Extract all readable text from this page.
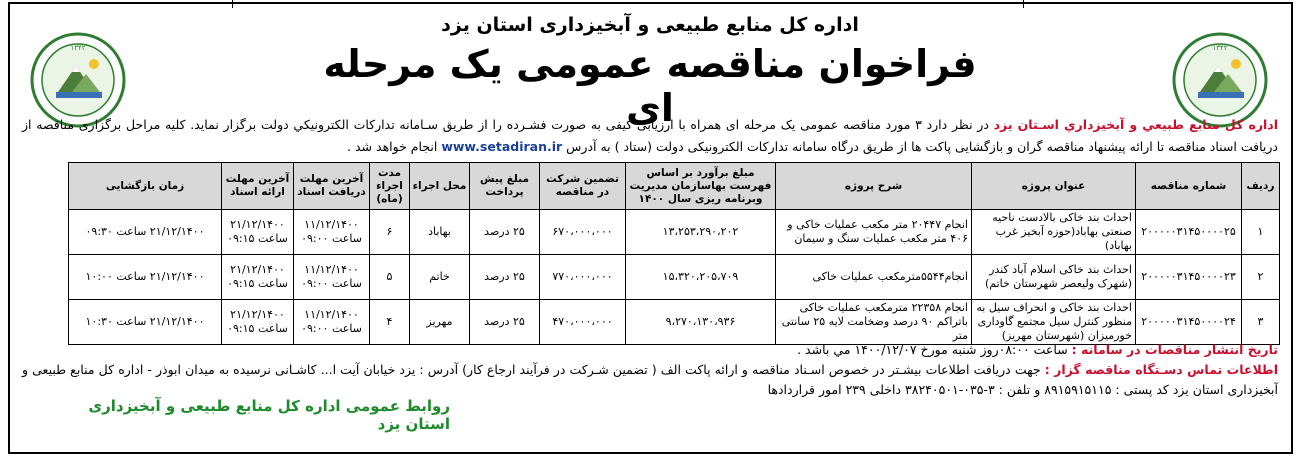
۱۳۴۲	۱۳۴۲
اداره کل منابع طبیعی و آبخیزداری استان یزد
فراخوان مناقصه عمومی یک مرحله ای	اداره کل منابع طبيعي و آبخيزداري اسـتان يزد در نظر دارد ۳ مورد مناقصه عمومی یک مرحله ای همراه با ارزیابی کیفی به صورت فشـرده را از طریق سـامانه تدارکات الکترونیکي دولت برگزار نماید. کلیه مراحل برگزاری مناقصه از دریافت اسناد مناقصه تا ارائه پیشنهاد مناقصه گران و بازگشایی پاکت ها از طریق درگاه سامانه تدارکات الکترونیکی دولت (ستاد ) به آدرس www.setadiran.ir انجام خواهد شد .
ردیف	شماره مناقصه	عنوان پروژه	شرح پروژه	مبلغ برآورد بر اساس فهرست بهاسازمان مدیریت وبرنامه ریزی سال ۱۴۰۰	تضمین شرکت در مناقصه	مبلغ پیش پرداخت	محل اجراء	مدت اجراء (ماه)	آخرین مهلت دریافت اسناد	آخرین مهلت ارائه اسناد	زمان بازگشایی
۱	۲۰۰۰۰۰۳۱۴۵۰۰۰۰۲۵	احداث بند خاکی بالادست ناحیه صنعتی بهاباد(حوزه آبخیز غرب بهاباد)	انجام ۲۰۴۴۷ متر مکعب عملیات خاکی و ۴۰۶ متر مکعب عملیات سنگ و سیمان	۱۳،۲۵۳،۲۹۰،۲۰۲	۶۷۰،۰۰۰،۰۰۰	۲۵ درصد	بهاباد	۶	۱۱/۱۲/۱۴۰۰ ساعت ۰۹:۰۰	۲۱/۱۲/۱۴۰۰ ساعت ۰۹:۱۵	۲۱/۱۲/۱۴۰۰ ساعت ۰۹:۳۰
۲	۲۰۰۰۰۰۳۱۴۵۰۰۰۰۲۳	احداث بند خاکی اسلام آباد کندر (شهرک ولیعصر شهرستان خاتم)	انجام۵۵۴۴مترمکعب عملیات خاکی	۱۵،۳۲۰،۲۰۵،۷۰۹	۷۷۰،۰۰۰،۰۰۰	۲۵ درصد	خاتم	۵	۱۱/۱۲/۱۴۰۰ ساعت ۰۹:۰۰	۲۱/۱۲/۱۴۰۰ ساعت ۰۹:۱۵	۲۱/۱۲/۱۴۰۰ ساعت ۱۰:۰۰
۳	۲۰۰۰۰۰۳۱۴۵۰۰۰۰۲۴	احداث بند خاکی و انحراف سیل به منظور کنترل سیل مجتمع گاوداری خورمیزان (شهرستان مهریز)	انجام ۲۲۳۵۸ مترمکعب عملیات خاکی باتراکم ۹۰ درصد وضخامت لایه ۲۵ سانتی متر	۹،۲۷۰،۱۳۰،۹۳۶	۴۷۰،۰۰۰،۰۰۰	۲۵ درصد	مهریز	۴	۱۱/۱۲/۱۴۰۰ ساعت ۰۹:۰۰	۲۱/۱۲/۱۴۰۰ ساعت ۰۹:۱۵	۲۱/۱۲/۱۴۰۰ ساعت ۱۰:۳۰
تاریخ انتشار مناقصات در سامانه : ساعت ۰۸:۰۰روز شنبه مورخ ۱۴۰۰/۱۲/۰۷ مي باشد .
اطلاعات تماس دسـتگاه مناقصه گزار : جهت دریافت اطلاعات بیشـتر در خصوص اسـناد مناقصه و ارائه پاکت الف ( تضمین شـرکت در فرآیند ارجاع کار) آدرس : یزد خیابان آیت ا... کاشـانی نرسیده به میدان ابوذر - اداره کل منابع طبیعی و آبخیزداری استان یزد کد پستی : ۸۹۱۵۹۱۵۱۱۵ و تلفن : ۳-۰۳۵-۳۸۲۴۰۵۰۱ داخلی ۲۳۹ امور قراردادها
روابط عمومی اداره کل منابع طبیعی و آبخیزداری استان یزد
